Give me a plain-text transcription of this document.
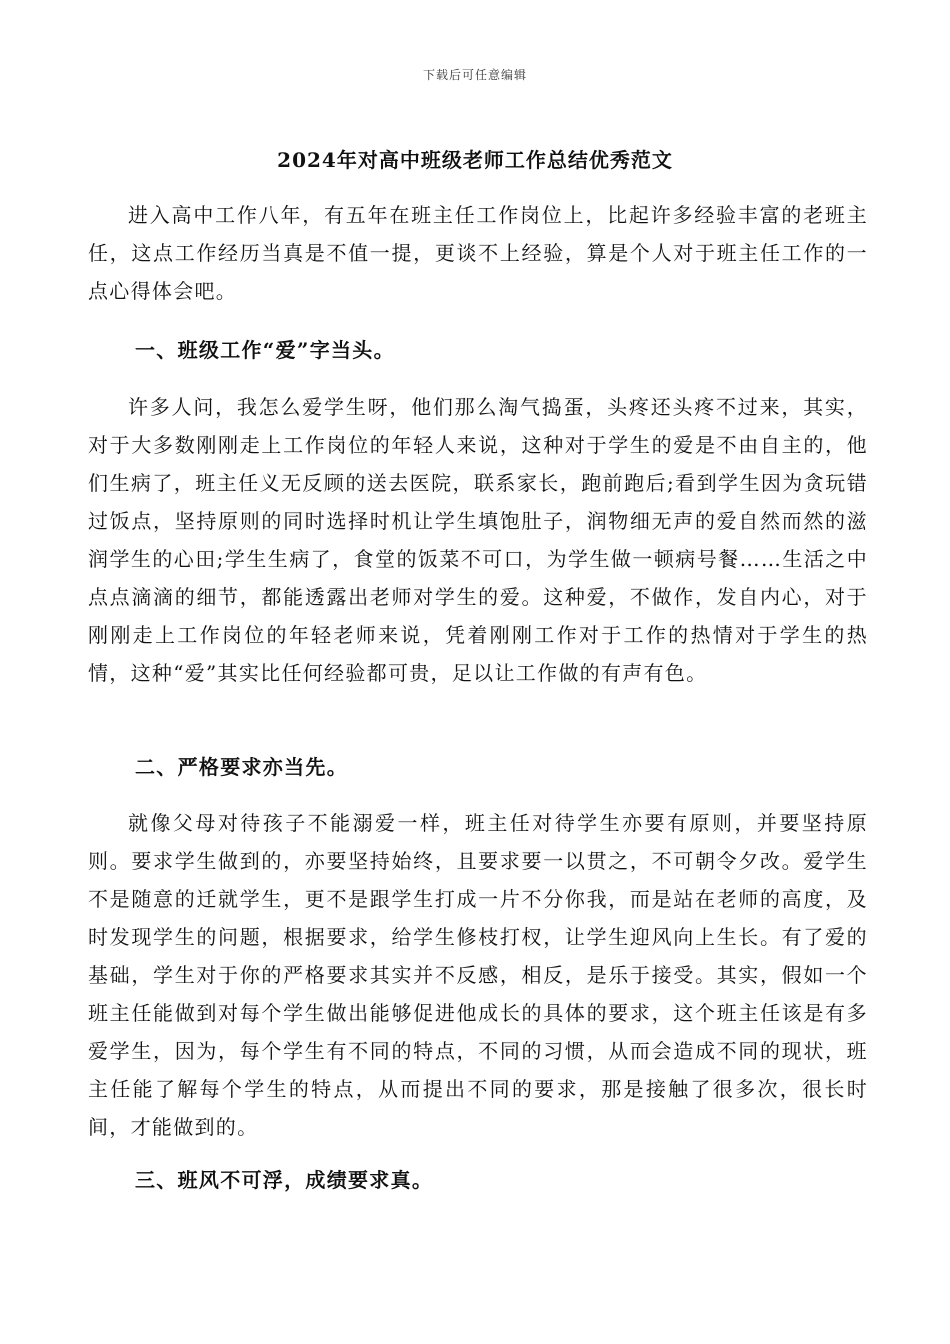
下载后可任意编辑
2024年对高中班级老师工作总结优秀范文

进入高中工作八年，有五年在班主任工作岗位上，比起许多经验丰富的老班主任，这点工作经历当真是不值一提，更谈不上经验，算是个人对于班主任工作的一点心得体会吧。

一、班级工作“爱”字当头。

许多人问，我怎么爱学生呀，他们那么淘气捣蛋，头疼还头疼不过来，其实，对于大多数刚刚走上工作岗位的年轻人来说，这种对于学生的爱是不由自主的，他们生病了，班主任义无反顾的送去医院，联系家长，跑前跑后;看到学生因为贪玩错过饭点，坚持原则的同时选择时机让学生填饱肚子，润物细无声的爱自然而然的滋润学生的心田;学生生病了，食堂的饭菜不可口，为学生做一顿病号餐……生活之中点点滴滴的细节，都能透露出老师对学生的爱。这种爱，不做作，发自内心，对于刚刚走上工作岗位的年轻老师来说，凭着刚刚工作对于工作的热情对于学生的热情，这种“爱”其实比任何经验都可贵，足以让工作做的有声有色。

二、严格要求亦当先。

就像父母对待孩子不能溺爱一样，班主任对待学生亦要有原则，并要坚持原则。要求学生做到的，亦要坚持始终，且要求要一以贯之，不可朝令夕改。爱学生不是随意的迁就学生，更不是跟学生打成一片不分你我，而是站在老师的高度，及时发现学生的问题，根据要求，给学生修枝打杈，让学生迎风向上生长。有了爱的基础，学生对于你的严格要求其实并不反感，相反，是乐于接受。其实，假如一个班主任能做到对每个学生做出能够促进他成长的具体的要求，这个班主任该是有多爱学生，因为，每个学生有不同的特点，不同的习惯，从而会造成不同的现状，班主任能了解每个学生的特点，从而提出不同的要求，那是接触了很多次，很长时间，才能做到的。

三、班风不可浮，成绩要求真。
